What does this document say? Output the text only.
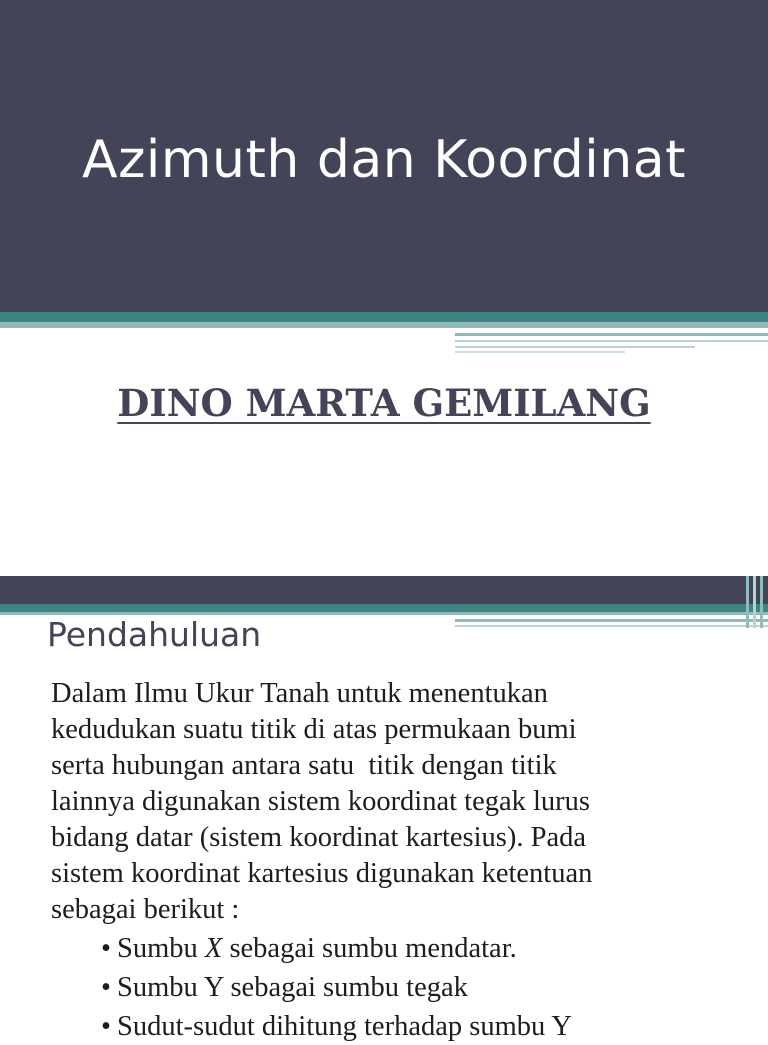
Azimuth dan Koordinat
DINO MARTA GEMILANG
Pendahuluan
Dalam Ilmu Ukur Tanah untuk menentukan
kedudukan suatu titik di atas permukaan bumi
serta hubungan antara satu  titik dengan titik
lainnya digunakan sistem koordinat tegak lurus
bidang datar (sistem koordinat kartesius). Pada
sistem koordinat kartesius digunakan ketentuan
sebagai berikut :
• Sumbu X sebagai sumbu mendatar.
• Sumbu Y sebagai sumbu tegak
• Sudut-sudut dihitung terhadap sumbu Y
